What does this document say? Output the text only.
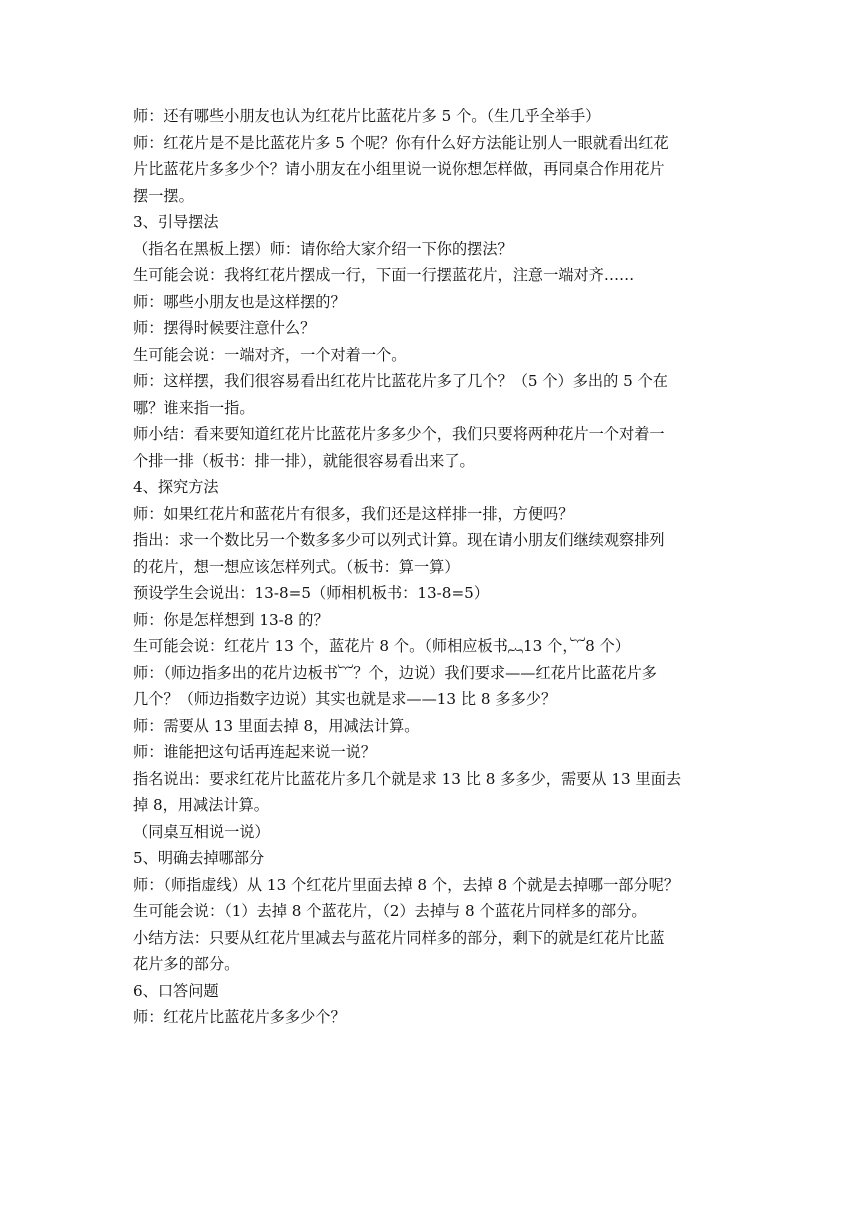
师：还有哪些小朋友也认为红花片比蓝花片多 5 个。（生几乎全举手）
师：红花片是不是比蓝花片多 5 个呢？你有什么好方法能让别人一眼就看出红花
片比蓝花片多多少个？请小朋友在小组里说一说你想怎样做，再同桌合作用花片
摆一摆。
3、引导摆法
（指名在黑板上摆）师：请你给大家介绍一下你的摆法？
生可能会说：我将红花片摆成一行，下面一行摆蓝花片，注意一端对齐……
师：哪些小朋友也是这样摆的？
师：摆得时候要注意什么？
生可能会说：一端对齐，一个对着一个。
师：这样摆，我们很容易看出红花片比蓝花片多了几个？（5 个）多出的 5 个在
哪？谁来指一指。
师小结：看来要知道红花片比蓝花片多多少个，我们只要将两种花片一个对着一
个排一排（板书：排一排），就能很容易看出来了。
4、探究方法
师：如果红花片和蓝花片有很多，我们还是这样排一排，方便吗？
指出：求一个数比另一个数多多少可以列式计算。现在请小朋友们继续观察排列
的花片，想一想应该怎样列式。（板书：算一算）
预设学生会说出：13-8=5（师相机板书：13-8=5）
师：你是怎样想到 13-8 的？
生可能会说：红花片 13 个，蓝花片 8 个。（师相应板书︷13 个，︸8 个）
师：（师边指多出的花片边板书︸？个，边说）我们要求——红花片比蓝花片多
几个？（师边指数字边说）其实也就是求——13 比 8 多多少？
师：需要从 13 里面去掉 8，用减法计算。
师：谁能把这句话再连起来说一说？
指名说出：要求红花片比蓝花片多几个就是求 13 比 8 多多少，需要从 13 里面去
掉 8，用减法计算。
（同桌互相说一说）
5、明确去掉哪部分
师：（师指虚线）从 13 个红花片里面去掉 8 个，去掉 8 个就是去掉哪一部分呢？
生可能会说：（1）去掉 8 个蓝花片，（2）去掉与 8 个蓝花片同样多的部分。
小结方法：只要从红花片里减去与蓝花片同样多的部分，剩下的就是红花片比蓝
花片多的部分。
6、口答问题
师：红花片比蓝花片多多少个？
